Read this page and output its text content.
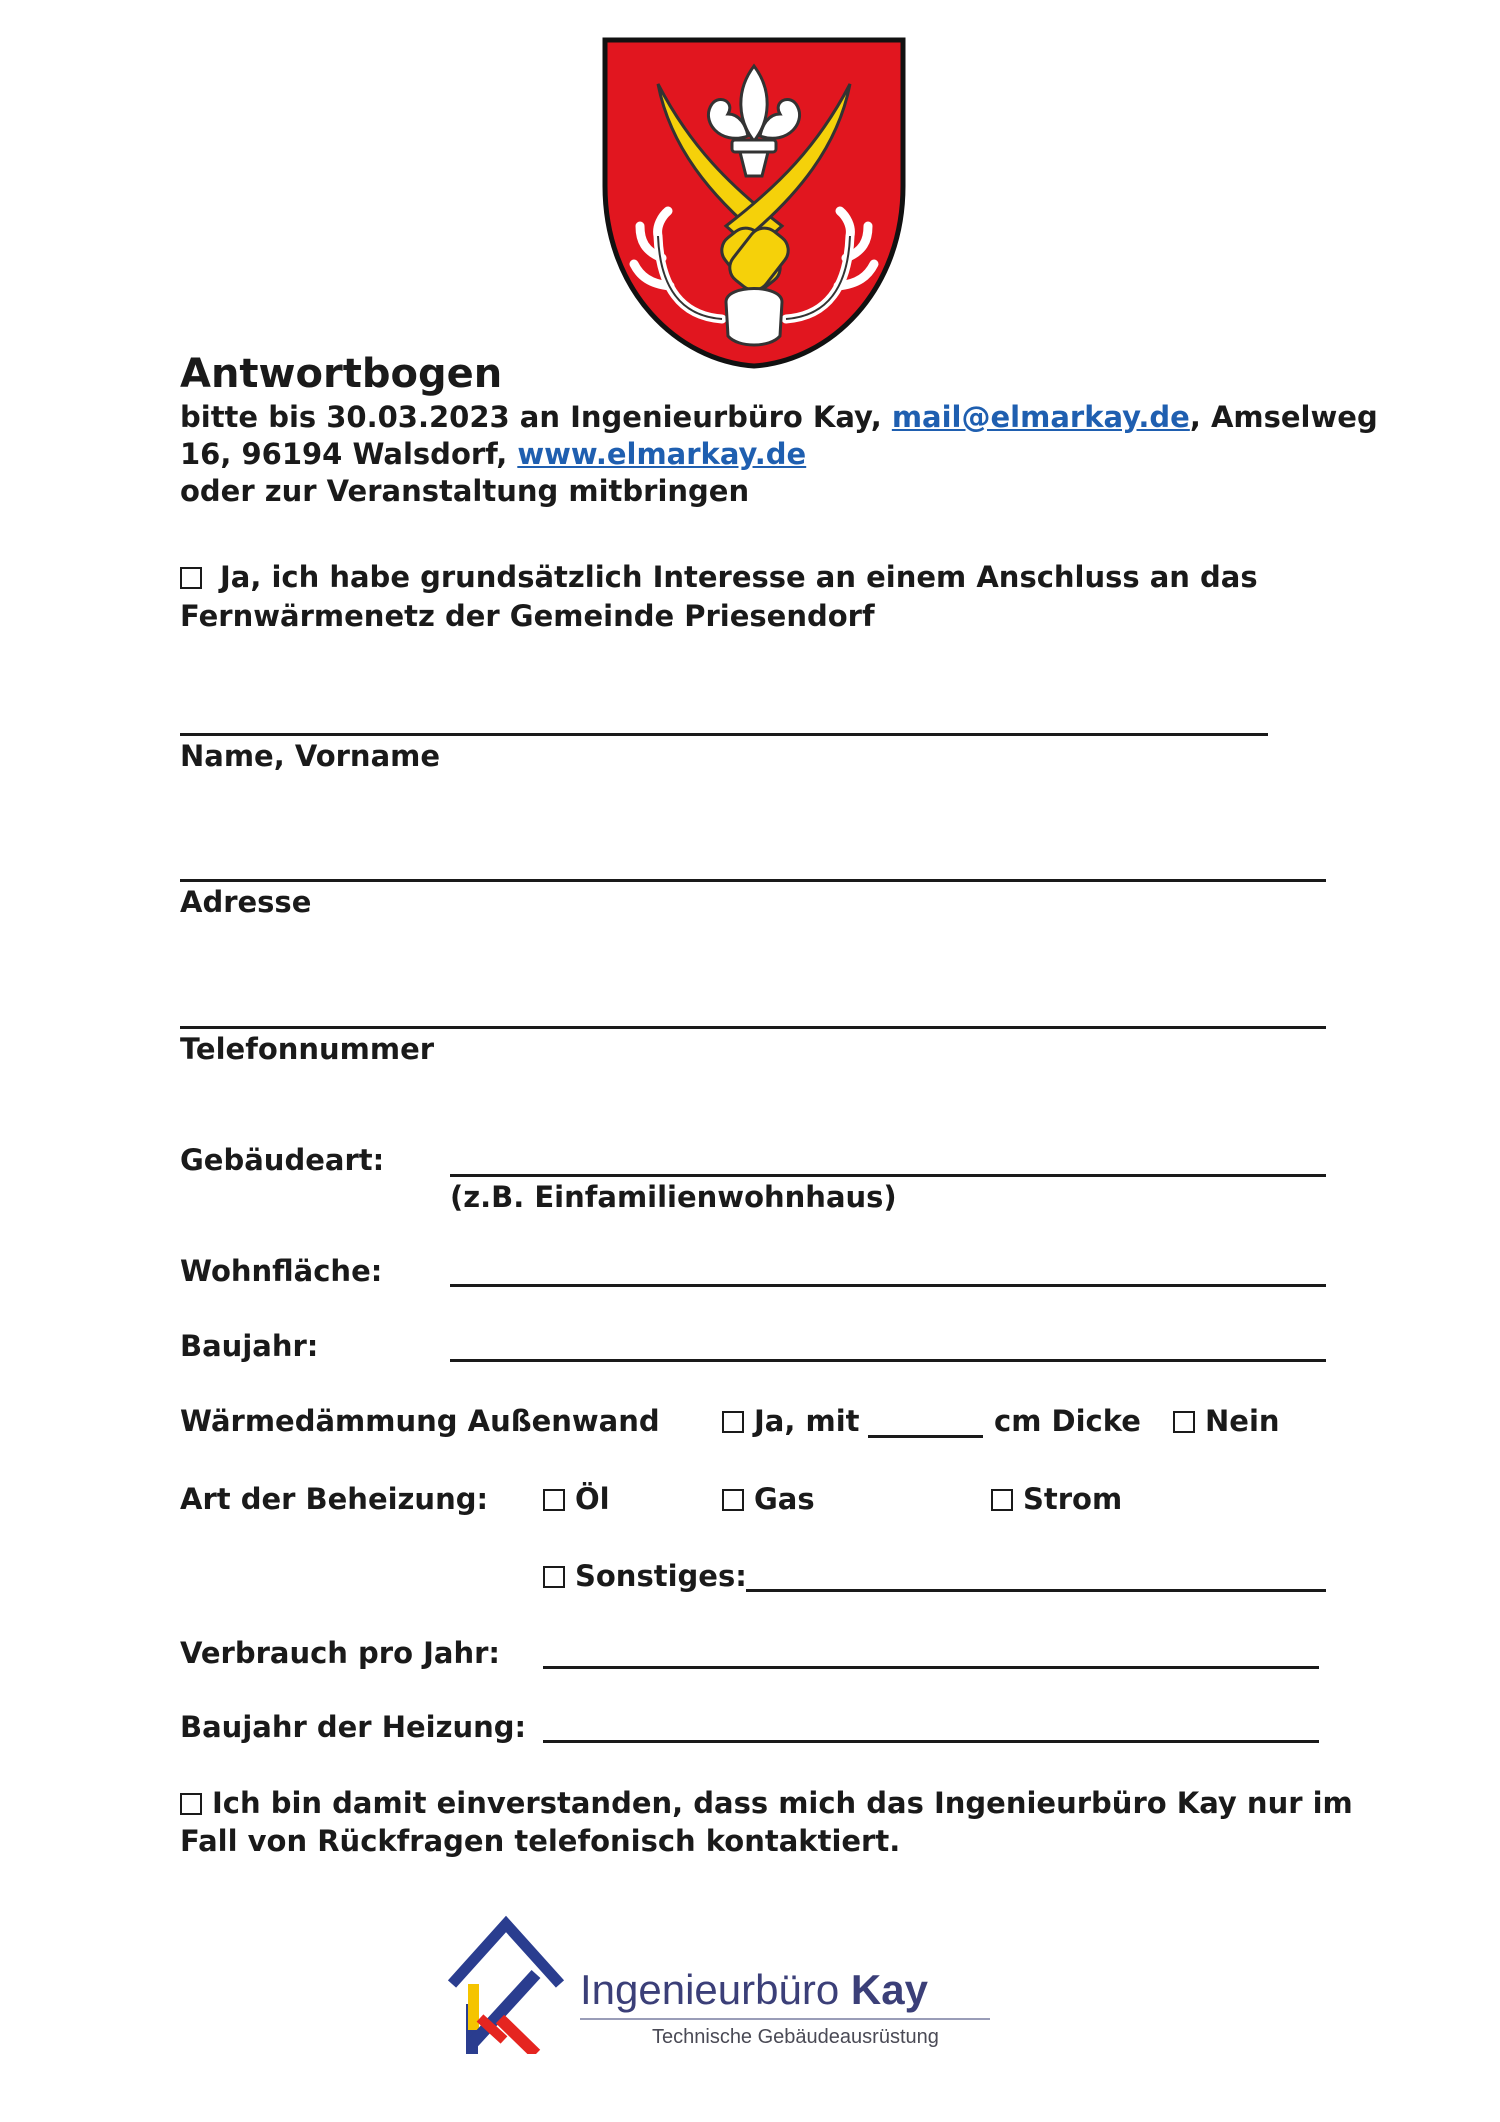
Antwortbogen
bitte bis 30.03.2023 an Ingenieurbüro Kay, mail@elmarkay.de, Amselweg
16, 96194 Walsdorf, www.elmarkay.de
oder zur Veranstaltung mitbringen
Ja, ich habe grundsätzlich Interesse an einem Anschluss an das
Fernwärmenetz der Gemeinde Priesendorf
Name, Vorname
Adresse
Telefonnummer
Gebäudeart:
(z.B. Einfamilienwohnhaus)
Wohnfläche:
Baujahr:
Wärmedämmung Außenwand	Ja, mit	cm Dicke	Nein
Art der Beheizung:	Öl	Gas	Strom
Sonstiges:
Verbrauch pro Jahr:
Baujahr der Heizung:
Ich bin damit einverstanden, dass mich das Ingenieurbüro Kay nur im
Fall von Rückfragen telefonisch kontaktiert.
Ingenieurbüro Kay
Technische Gebäudeausrüstung
